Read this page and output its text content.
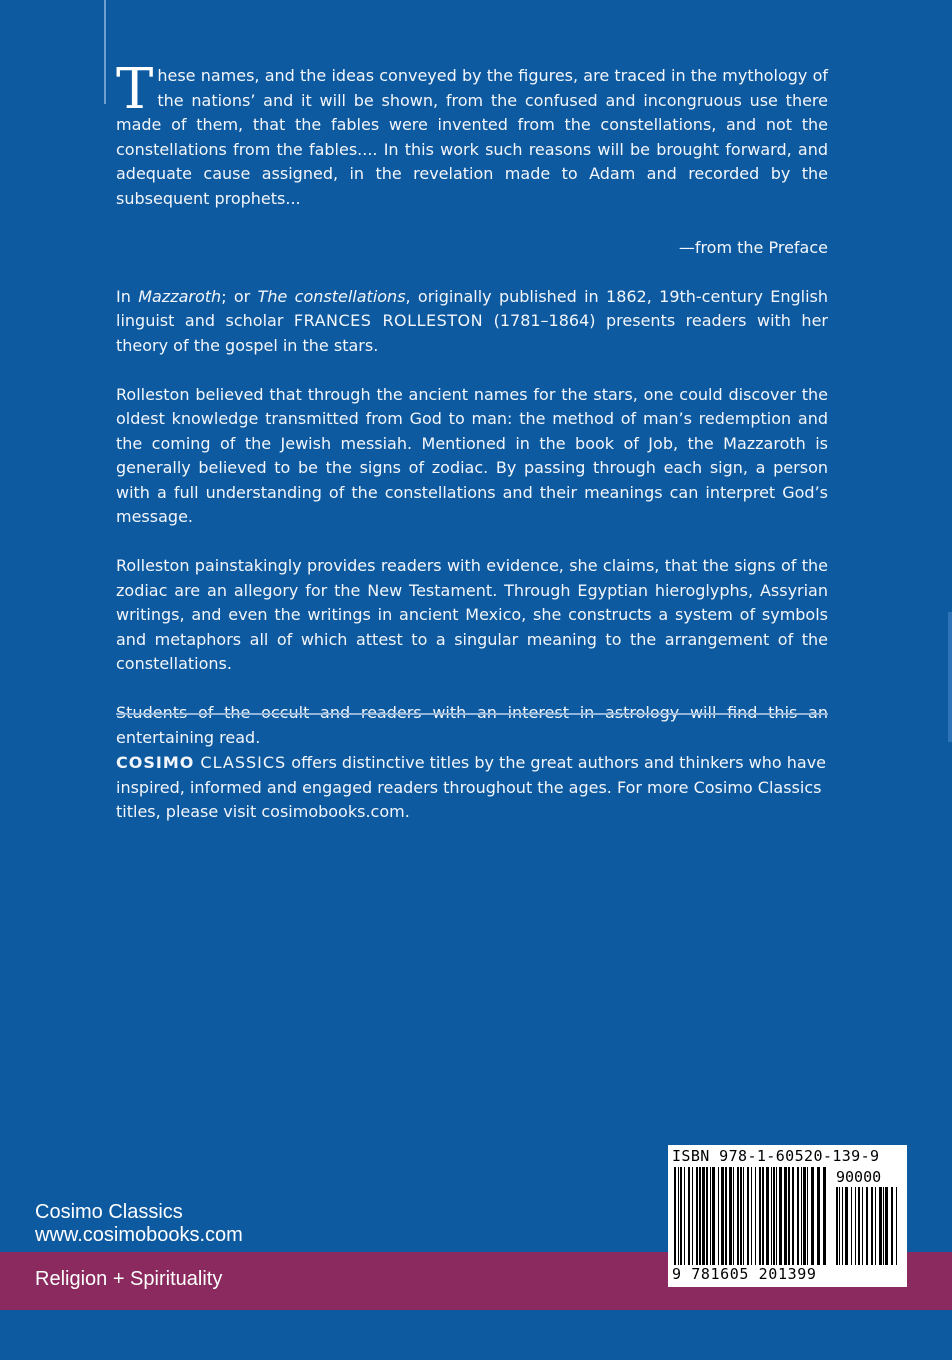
These names, and the ideas conveyed by the figures, are traced in the mythology of the nations’ and it will be shown, from the confused and incongruous use there made of them, that the fables were invented from the constellations, and not the constellations from the fables.... In this work such reasons will be brought forward, and adequate cause assigned, in the revelation made to Adam and recorded by the subsequent prophets...

—from the Preface

In Mazzaroth; or The constellations, originally published in 1862, 19th-century English linguist and scholar FRANCES ROLLESTON (1781–1864) presents readers with her theory of the gospel in the stars.

Rolleston believed that through the ancient names for the stars, one could discover the oldest knowledge transmitted from God to man: the method of man’s redemption and the coming of the Jewish messiah. Mentioned in the book of Job, the Mazzaroth is generally believed to be the signs of zodiac. By passing through each sign, a person with a full understanding of the constellations and their meanings can interpret God’s message.

Rolleston painstakingly provides readers with evidence, she claims, that the signs of the zodiac are an allegory for the New Testament. Through Egyptian hieroglyphs, Assyrian writings, and even the writings in ancient Mexico, she constructs a system of symbols and metaphors all of which attest to a singular meaning to the arrangement of the constellations.

entertaining read.

COSIMO CLASSICS offers distinctive titles by the great authors and thinkers who have inspired, informed and engaged readers throughout the ages. For more Cosimo Classics titles, please visit cosimobooks.com.
Cosimo Classics
www.cosimobooks.com
Religion + Spirituality
ISBN 978-1-60520-139-9
90000
9 781605 201399
